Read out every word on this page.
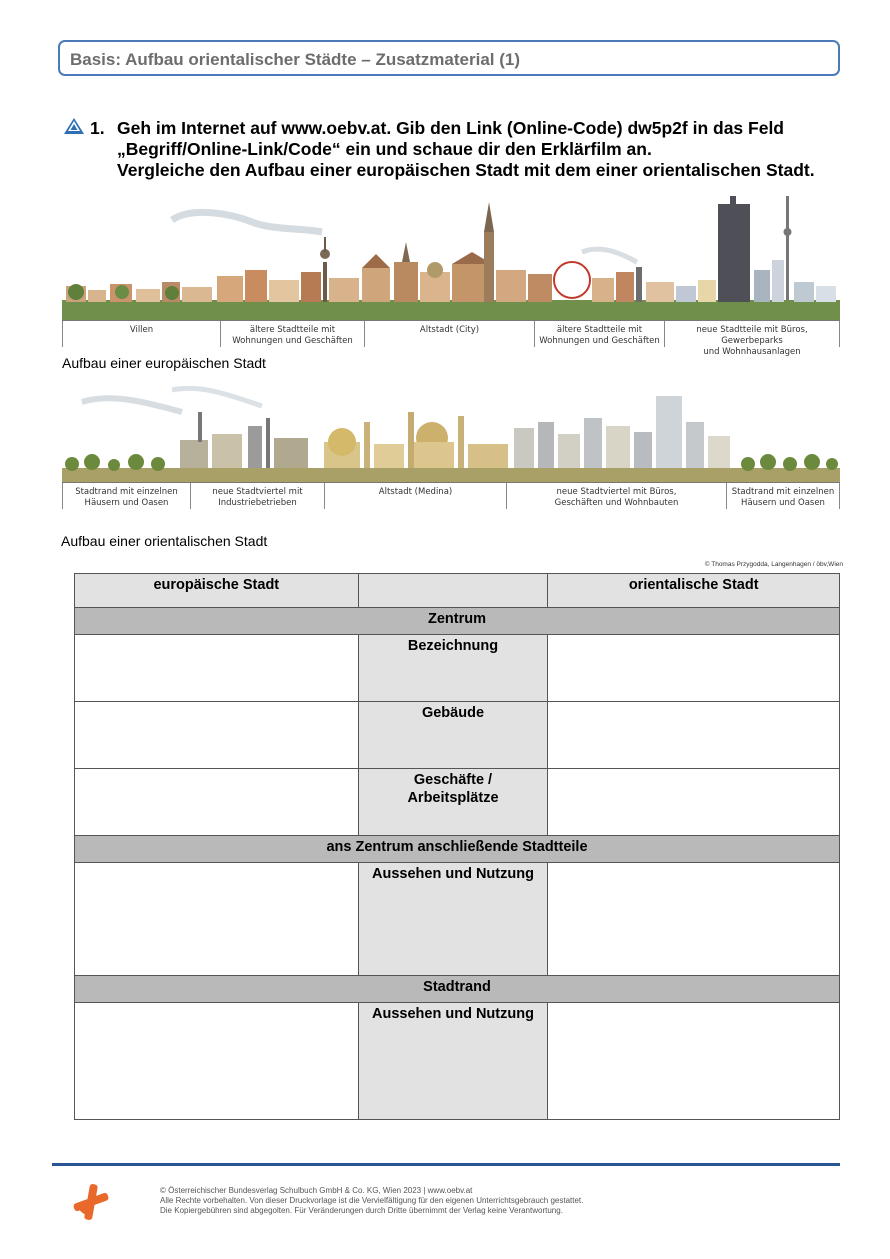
Basis: Aufbau orientalischer Städte – Zusatzmaterial (1)
1. Geh im Internet auf www.oebv.at. Gib den Link (Online-Code) dw5p2f in das Feld
„Begriff/Online-Link/Code“ ein und schaue dir den Erklärfilm an.
Vergleiche den Aufbau einer europäischen Stadt mit dem einer orientalischen Stadt.
Villen	ältere Stadtteile mit
Wohnungen und Geschäften
Altstadt (City)	ältere Stadtteile mit
Wohnungen und Geschäften
neue Stadtteile mit Büros, Gewerbeparks
und Wohnhausanlagen
Aufbau einer europäischen Stadt
Stadtrand mit einzelnen
Häusern und Oasen
neue Stadtviertel mit
Industriebetrieben
Altstadt (Medina)	neue Stadtviertel mit Büros,
Geschäften und Wohnbauten
Stadtrand mit einzelnen
Häusern und Oasen
Aufbau einer orientalischen Stadt
© Thomas Przygodda, Langenhagen / öbv,Wien
europäische Stadt		orientalische Stadt
Zentrum		
	Bezeichnung	
	Gebäude	

	Geschäfte /
Arbeitsplätze	

ans Zentrum anschließende Stadtteile		
	Aussehen und Nutzung	
Stadtrand		
	Aussehen und Nutzung	
© Österreichischer Bundesverlag Schulbuch GmbH & Co. KG, Wien 2023 | www.oebv.at
Alle Rechte vorbehalten. Von dieser Druckvorlage ist die Vervielfältigung für den eigenen Unterrichtsgebrauch gestattet.
Die Kopiergebühren sind abgegolten. Für Veränderungen durch Dritte übernimmt der Verlag keine Verantwortung.
